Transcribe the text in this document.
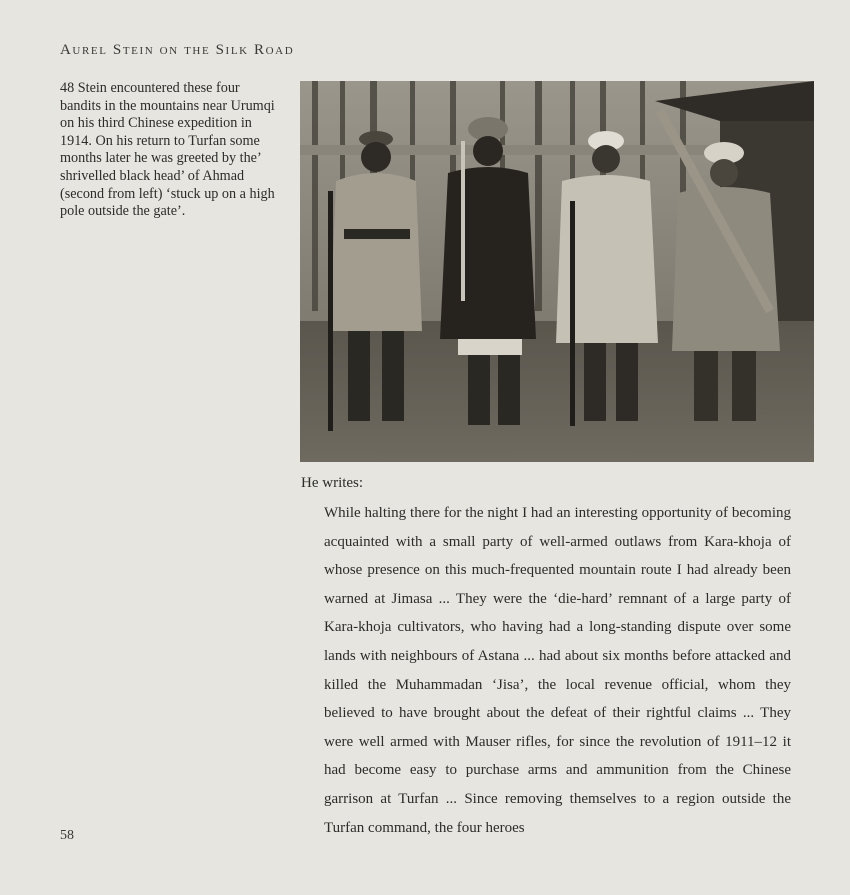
Aurel Stein on the Silk Road
48 Stein encountered these four bandits in the mountains near Urumqi on his third Chinese expedition in 1914. On his return to Turfan some months later he was greeted by the’ shrivelled black head’ of Ahmad (second from left) ‘stuck up on a high pole outside the gate’.
He writes:
While halting there for the night I had an interesting opportunity of becoming acquainted with a small party of well-armed outlaws from Kara-khoja of whose presence on this much-frequented mountain route I had already been warned at Jimasa ... They were the ‘die-hard’ remnant of a large party of Kara-khoja cultivators, who having had a long-standing dispute over some lands with neighbours of Astana ... had about six months before attacked and killed the Muhammadan ‘Jisa’, the local revenue official, whom they believed to have brought about the defeat of their rightful claims ... They were well armed with Mauser rifles, for since the revolution of 1911–12 it had become easy to purchase arms and ammunition from the Chinese garrison at Turfan ... Since removing themselves to a region outside the Turfan command, the four heroes
58
